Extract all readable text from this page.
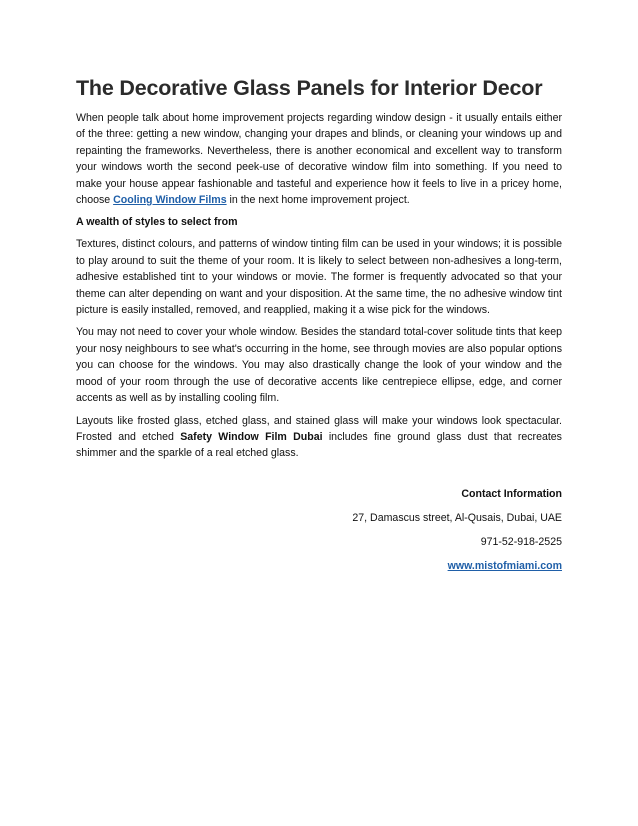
The Decorative Glass Panels for Interior Decor

When people talk about home improvement projects regarding window design - it usually entails either of the three: getting a new window, changing your drapes and blinds, or cleaning your windows up and repainting the frameworks. Nevertheless, there is another economical and excellent way to transform your windows worth the second peek-use of decorative window film into something. If you need to make your house appear fashionable and tasteful and experience how it feels to live in a pricey home, choose Cooling Window Films in the next home improvement project.

A wealth of styles to select from

Textures, distinct colours, and patterns of window tinting film can be used in your windows; it is possible to play around to suit the theme of your room. It is likely to select between non-adhesives a long-term, adhesive established tint to your windows or movie. The former is frequently advocated so that your theme can alter depending on want and your disposition. At the same time, the no adhesive window tint picture is easily installed, removed, and reapplied, making it a wise pick for the windows.

You may not need to cover your whole window. Besides the standard total-cover solitude tints that keep your nosy neighbours to see what's occurring in the home, see through movies are also popular options you can choose for the windows. You may also drastically change the look of your window and the mood of your room through the use of decorative accents like centrepiece ellipse, edge, and corner accents as well as by installing cooling film.

Layouts like frosted glass, etched glass, and stained glass will make your windows look spectacular. Frosted and etched Safety Window Film Dubai includes fine ground glass dust that recreates shimmer and the sparkle of a real etched glass.

Contact Information
27, Damascus street, Al-Qusais, Dubai, UAE
971-52-918-2525
www.mistofmiami.com
